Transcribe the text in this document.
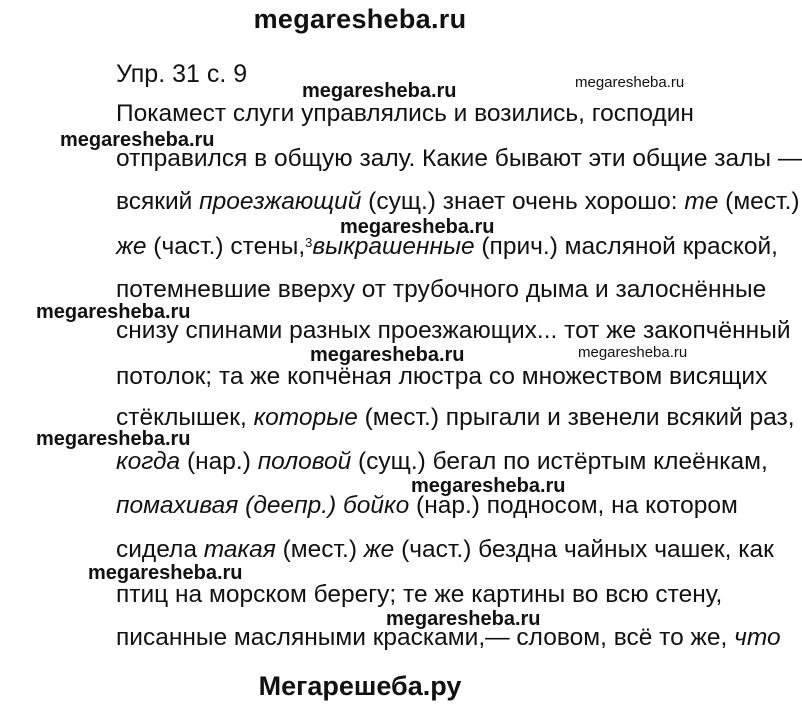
megaresheba.ru
Упр. 31 с. 9
megaresheba.ru	megaresheba.ru
megaresheba.ru
megaresheba.ru
megaresheba.ru
megaresheba.ru	megaresheba.ru
megaresheba.ru
megaresheba.ru
megaresheba.ru
megaresheba.ru
Покамест слуги управлялись и возились, господин
отправился в общую залу. Какие бывают эти общие залы —
всякий проезжающий (сущ.) знает очень хорошо: те (мест.)
же (част.) стены,$^3$выкрашенные (прич.) масляной краской,
потемневшие вверху от трубочного дыма и залоснённые
снизу спинами разных проезжающих... тот же закопчённый
потолок; та же копчёная люстра со множеством висящих
стёклышек, которые (мест.) прыгали и звенели всякий раз,
когда (нар.) половой (сущ.) бегал по истёртым клеёнкам,
помахивая (деепр.) бойко (нар.) подносом, на котором
сидела такая (мест.) же (част.) бездна чайных чашек, как
птиц на морском берегу; те же картины во всю стену,
писанные масляными красками,— словом, всё то же, что
Мегарешеба.ру
